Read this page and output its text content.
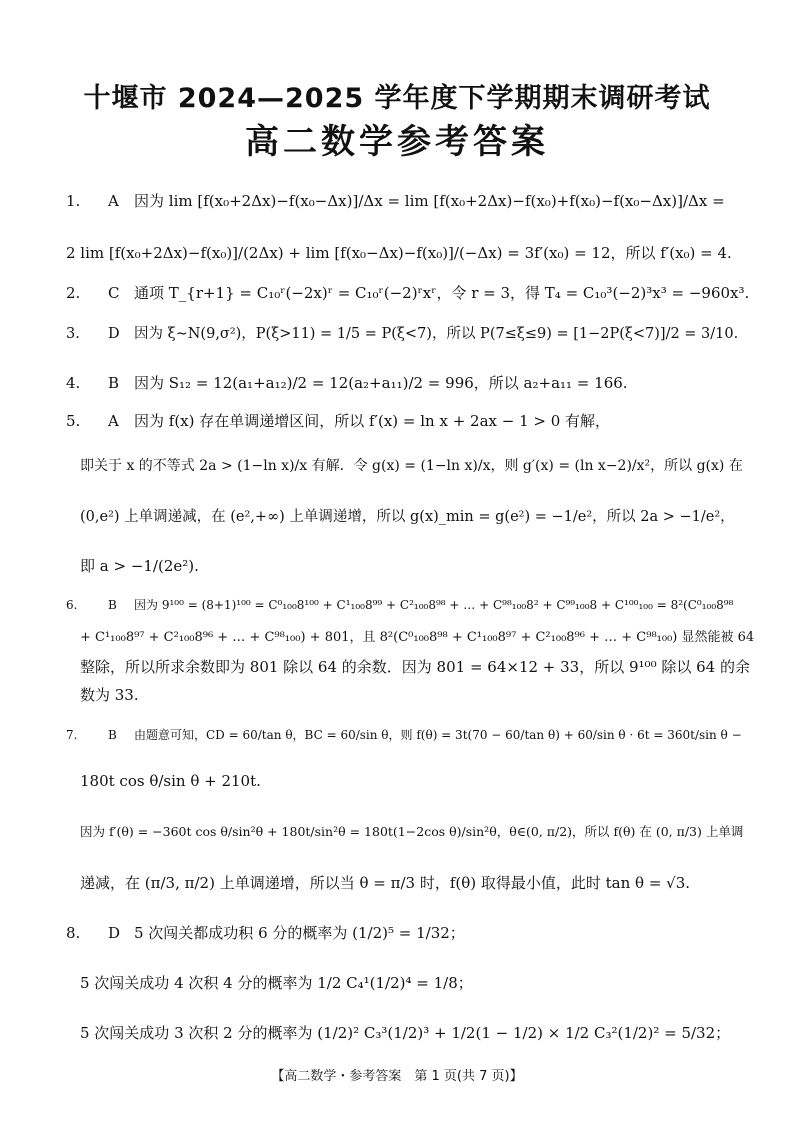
十堰市 2024—2025 学年度下学期期末调研考试
高二数学参考答案
1. A 因为 lim [f(x₀+2Δx)−f(x₀−Δx)]/Δx = lim [f(x₀+2Δx)−f(x₀)+f(x₀)−f(x₀−Δx)]/Δx =
2 lim [f(x₀+2Δx)−f(x₀)]/(2Δx) + lim [f(x₀−Δx)−f(x₀)]/(−Δx) = 3f′(x₀) = 12，所以 f′(x₀) = 4.
2. C 通项 T_{r+1} = C₁₀ʳ(−2x)ʳ = C₁₀ʳ(−2)ʳxʳ，令 r = 3，得 T₄ = C₁₀³(−2)³x³ = −960x³.
3. D 因为 ξ∼N(9,σ²)，P(ξ>11) = 1/5 = P(ξ<7)，所以 P(7≤ξ≤9) = [1−2P(ξ<7)]/2 = 3/10.
4. B 因为 S₁₂ = 12(a₁+a₁₂)/2 = 12(a₂+a₁₁)/2 = 996，所以 a₂+a₁₁ = 166.
5. A 因为 f(x) 存在单调递增区间，所以 f′(x) = ln x + 2ax − 1 > 0 有解，
即关于 x 的不等式 2a > (1−ln x)/x 有解．令 g(x) = (1−ln x)/x，则 g′(x) = (ln x−2)/x²，所以 g(x) 在
(0,e²) 上单调递减，在 (e²,+∞) 上单调递增，所以 g(x)_min = g(e²) = −1/e²，所以 2a > −1/e²，
即 a > −1/(2e²).
6.	B 因为 9¹⁰⁰ = (8+1)¹⁰⁰ = C⁰₁₀₀8¹⁰⁰ + C¹₁₀₀8⁹⁹ + C²₁₀₀8⁹⁸ + … + C⁹⁸₁₀₀8² + C⁹⁹₁₀₀8 + C¹⁰⁰₁₀₀ = 8²(C⁰₁₀₀8⁹⁸
+ C¹₁₀₀8⁹⁷ + C²₁₀₀8⁹⁶ + … + C⁹⁸₁₀₀) + 801，且 8²(C⁰₁₀₀8⁹⁸ + C¹₁₀₀8⁹⁷ + C²₁₀₀8⁹⁶ + … + C⁹⁸₁₀₀) 显然能被 64
整除，所以所求余数即为 801 除以 64 的余数．因为 801 = 64×12 + 33，所以 9¹⁰⁰ 除以 64 的余
数为 33.
7.	B 由题意可知，CD = 60/tan θ，BC = 60/sin θ，则 f(θ) = 3t(70 − 60/tan θ) + 60/sin θ · 6t = 360t/sin θ −
180t cos θ/sin θ + 210t.
因为 f′(θ) = −360t cos θ/sin²θ + 180t/sin²θ = 180t(1−2cos θ)/sin²θ，θ∈(0, π/2)，所以 f(θ) 在 (0, π/3) 上单调
递减，在 (π/3, π/2) 上单调递增，所以当 θ = π/3 时，f(θ) 取得最小值，此时 tan θ = √3.
8. D 5 次闯关都成功积 6 分的概率为 (1/2)⁵ = 1/32；
5 次闯关成功 4 次积 4 分的概率为 1/2 C₄¹(1/2)⁴ = 1/8；
5 次闯关成功 3 次积 2 分的概率为 (1/2)² C₃³(1/2)³ + 1/2(1 − 1/2) × 1/2 C₃²(1/2)² = 5/32；
【高二数学・参考答案　第 1 页(共 7 页)】
